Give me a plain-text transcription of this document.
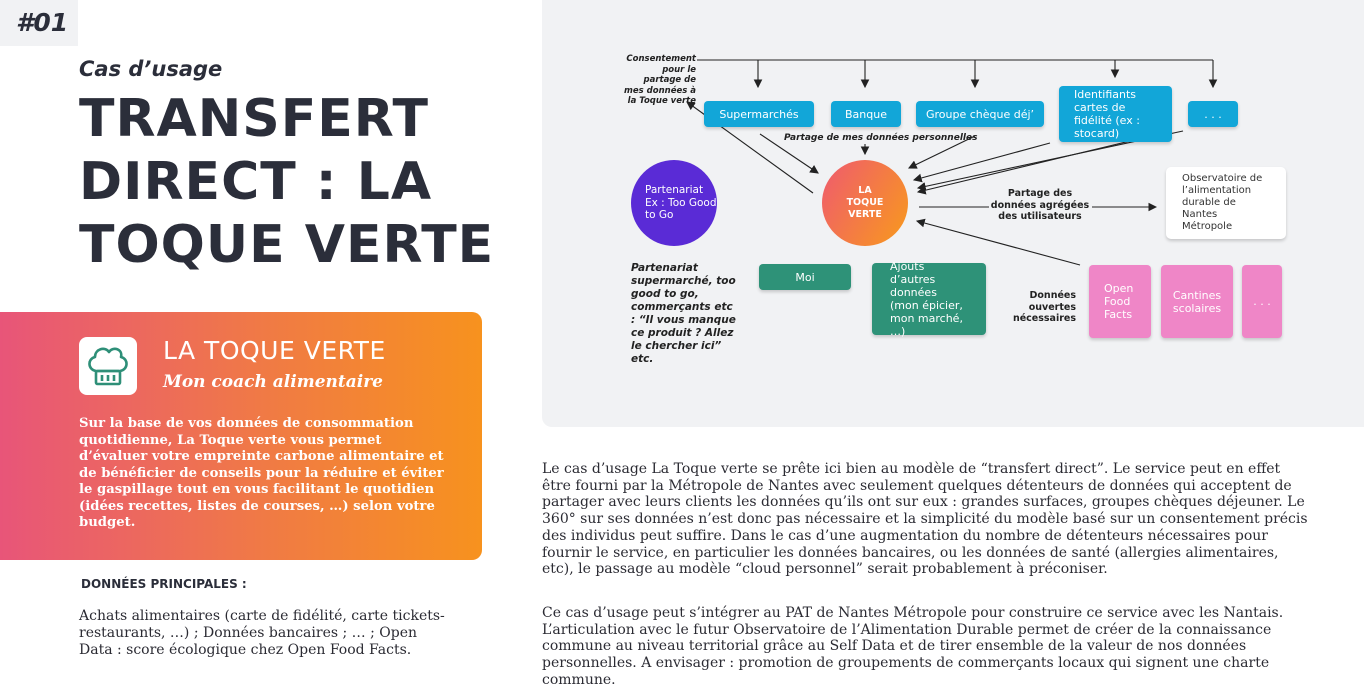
#01
Cas d’usage
TRANSFERT DIRECT : LA TOQUE VERTE
LA TOQUE VERTE
Mon coach alimentaire
Sur la base de vos données de consommation quotidienne, La Toque verte vous permet d’évaluer votre empreinte carbone alimentaire et de bénéficier de conseils pour la réduire et éviter le gaspillage tout en vous facilitant le quotidien (idées recettes, listes de courses, …) selon votre budget.
DONNÉES PRINCIPALES :
Achats alimentaires (carte de fidélité, carte tickets-restaurants, …) ; Données bancaires ; … ; Open Data : score écologique chez Open Food Facts.
Consentement pour le partage de mes données à la Toque verte
Supermarchés	Banque	Groupe chèque déj’
Identifiants cartes de fidélité (ex : stocard)
. . .
Partage de mes données personnelles
Partenariat Ex : Too Good to Go
LA TOQUE VERTE
Partenariat supermarché, too good to go, commerçants etc : “Il vous manque ce produit ? Allez le chercher ici” etc.
Partage des données agrégées des utilisateurs
Observatoire de l’alimentation durable de Nantes Métropole
Moi
Ajouts d’autres données (mon épicier, mon marché, …)
Données ouvertes nécessaires
Open Food Facts
Cantines scolaires	. . .
Le cas d’usage La Toque verte se prête ici bien au modèle de “transfert direct”. Le service peut en effet être fourni par la Métropole de Nantes avec seulement quelques détenteurs de données qui acceptent de partager avec leurs clients les données qu’ils ont sur eux : grandes surfaces, groupes chèques déjeuner. Le 360° sur ses données n’est donc pas nécessaire et la simplicité du modèle basé sur un consentement précis des individus peut suffire. Dans le cas d’une augmentation du nombre de détenteurs nécessaires pour fournir le service, en particulier les données bancaires, ou les données de santé (allergies alimentaires, etc), le passage au modèle “cloud personnel” serait probablement à préconiser.
Ce cas d’usage peut s’intégrer au PAT de Nantes Métropole pour construire ce service avec les Nantais. L’articulation avec le futur Observatoire de l’Alimentation Durable permet de créer de la connaissance commune au niveau territorial grâce au Self Data et de tirer ensemble de la valeur de nos données personnelles. A envisager : promotion de groupements de commerçants locaux qui signent une charte commune.
